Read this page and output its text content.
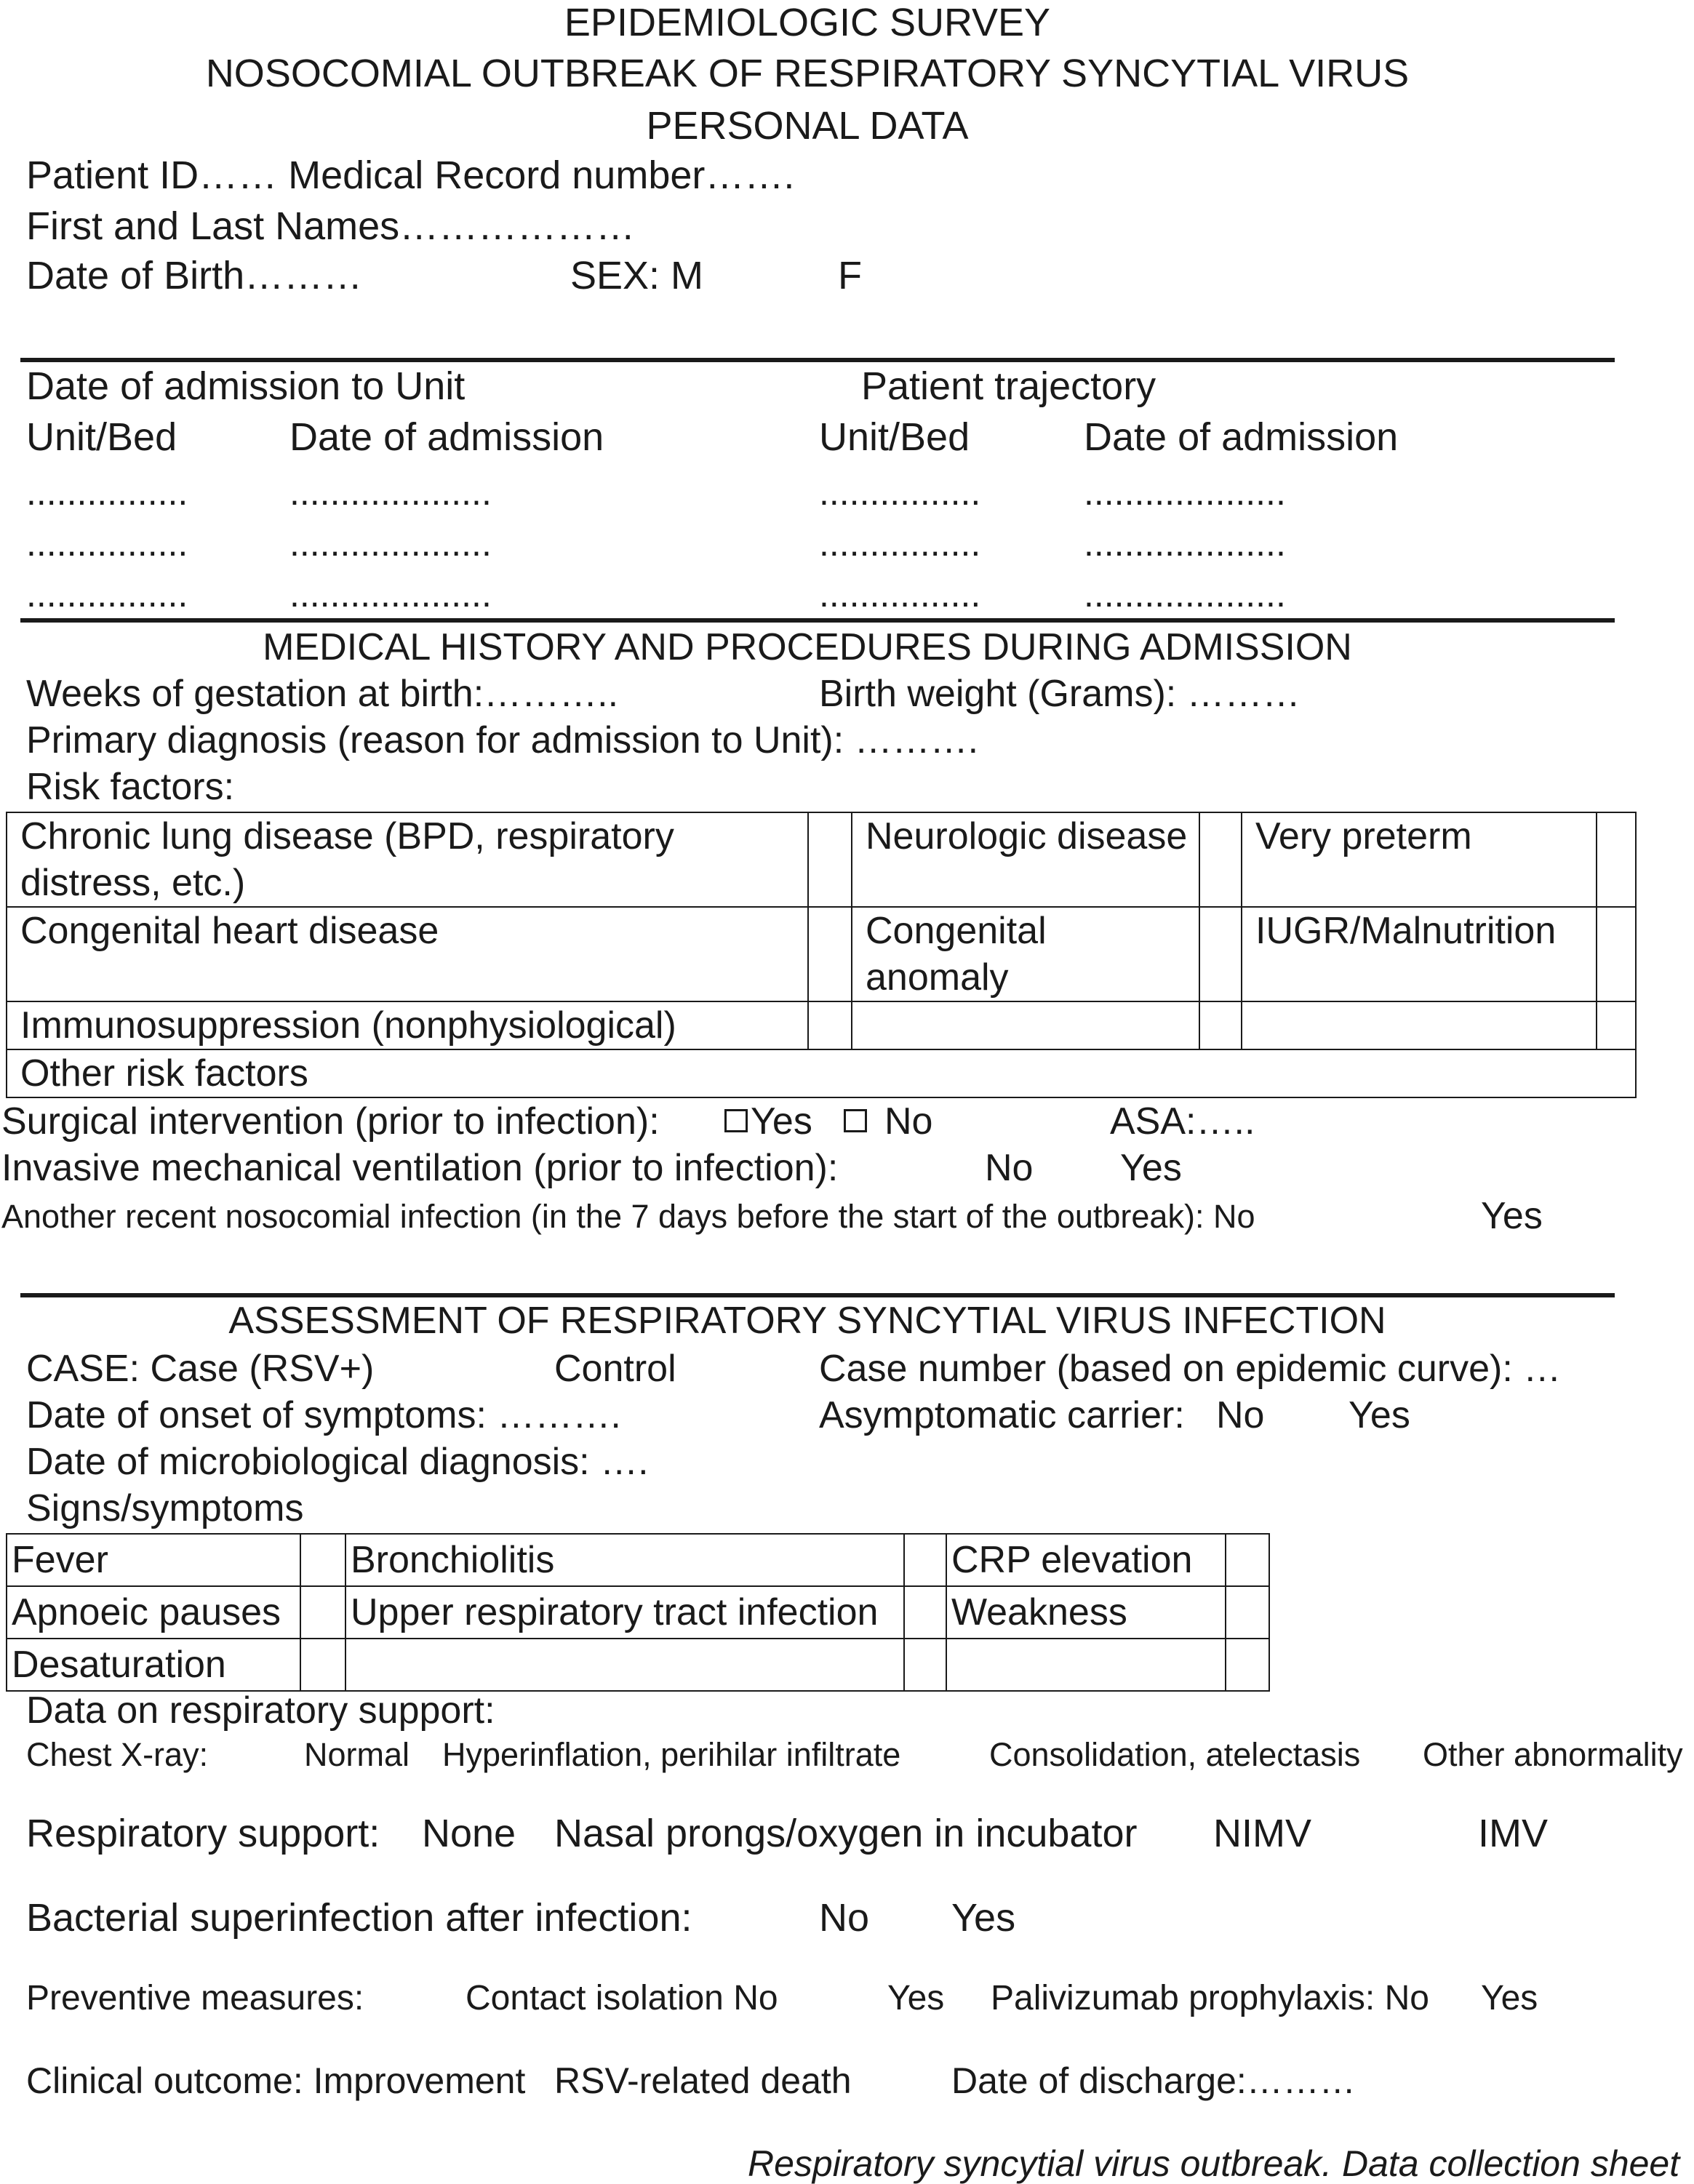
EPIDEMIOLOGIC SURVEY
NOSOCOMIAL OUTBREAK OF RESPIRATORY SYNCYTIAL VIRUS
PERSONAL DATA
Patient ID…… Medical Record number…….
First and Last Names………………
Date of Birth………	SEX: M	F
Date of admission to Unit	Patient trajectory
Unit/Bed	Date of admission	Unit/Bed	Date of admission
................	....................	................	....................
................	....................	................	....................
................	....................	................	....................
MEDICAL HISTORY AND PROCEDURES DURING ADMISSION
Weeks of gestation at birth:………..	Birth weight (Grams): ………
Primary diagnosis (reason for admission to Unit): ……….
Risk factors:
Chronic lung disease (BPD, respiratory distress, etc.)		Neurologic disease		Very preterm	
Congenital heart disease		Congenital anomaly		IUGR/Malnutrition	
Immunosuppression (nonphysiological)					
Other risk factors					
Surgical intervention (prior to infection):	Yes	No	ASA:…..
Invasive mechanical ventilation (prior to infection):	No Yes
Another recent nosocomial infection (in the 7 days before the start of the outbreak): No	Yes
ASSESSMENT OF RESPIRATORY SYNCYTIAL VIRUS INFECTION
CASE: Case (RSV+)	Control	Case number (based on epidemic curve): …
Date of onset of symptoms: ……….	Asymptomatic carrier: No Yes
Date of microbiological diagnosis: ….
Signs/symptoms
Fever		Bronchiolitis		CRP elevation	
Apnoeic pauses		Upper respiratory tract infection		Weakness	
Desaturation					
Data on respiratory support:
Chest X-ray:	Normal Hyperinflation, perihilar infiltrate	Consolidation, atelectasis Other abnormality
Respiratory support: None Nasal prongs/oxygen in incubator NIMV	IMV
Bacterial superinfection after infection:	No Yes
Preventive measures:	Contact isolation No	Yes Palivizumab prophylaxis: No Yes
Clinical outcome: Improvement RSV-related death	Date of discharge:………
Respiratory syncytial virus outbreak. Data collection sheet
